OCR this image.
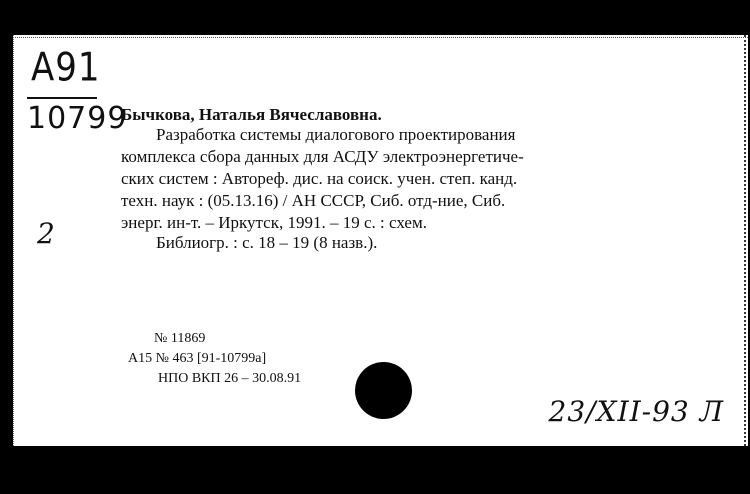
А91
10799
2
Бычкова, Наталья Вячеславовна.
Разработка системы диалогового проектирования
комплекса сбора данных для АСДУ электроэнергетиче-
ских систем : Автореф. дис. на соиск. учен. степ. канд.
техн. наук : (05.13.16) / АН СССР, Сиб. отд-ние, Сиб.
энерг. ин-т. – Иркутск, 1991. – 19 с. : схем.
Библиогр. : с. 18 – 19 (8 назв.).
№ 11869
А15 № 463 [91-10799а]
НПО ВКП 26 – 30.08.91
23/XII-93 Л
